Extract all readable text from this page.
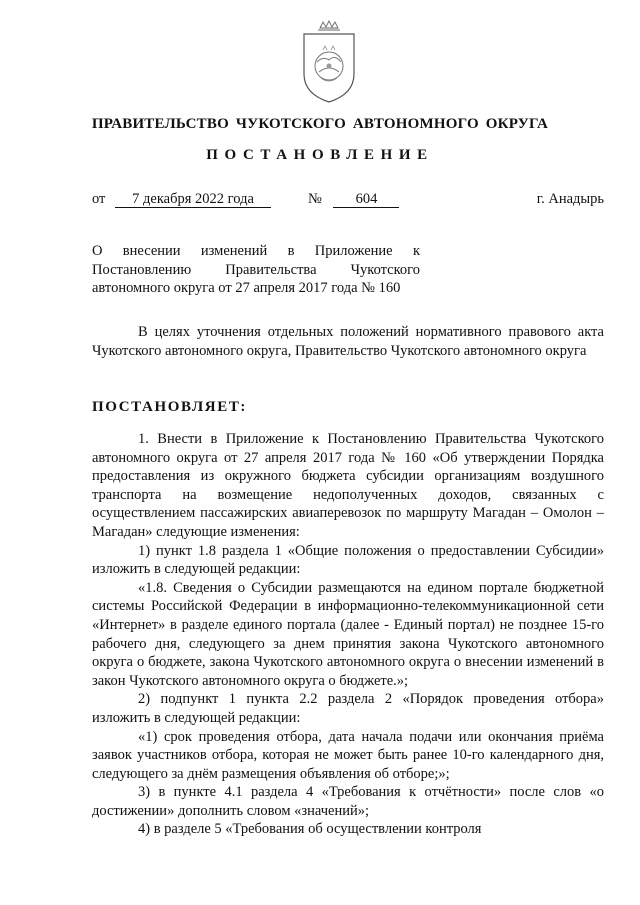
ПРАВИТЕЛЬСТВО ЧУКОТСКОГО АВТОНОМНОГО ОКРУГА
ПОСТАНОВЛЕНИЕ
от 7 декабря 2022 года	№ 604	г. Анадырь
О внесении изменений в Приложение к
Постановлению Правительства Чукотского
автономного округа от 27 апреля 2017 года № 160

В целях уточнения отдельных положений нормативного правового акта Чукотского автономного округа, Правительство Чукотского автономного округа

ПОСТАНОВЛЯЕТ:

1. Внести в Приложение к Постановлению Правительства Чукотского автономного округа от 27 апреля 2017 года № 160 «Об утверждении Порядка предоставления из окружного бюджета субсидии организациям воздушного транспорта на возмещение недополученных доходов, связанных с осуществлением пассажирских авиаперевозок по маршруту Магадан – Омолон – Магадан» следующие изменения:

1) пункт 1.8 раздела 1 «Общие положения о предоставлении Субсидии» изложить в следующей редакции:

«1.8. Сведения о Субсидии размещаются на едином портале бюджетной системы Российской Федерации в информационно-телекоммуникационной сети «Интернет» в разделе единого портала (далее - Единый портал) не позднее 15-го рабочего дня, следующего за днем принятия закона Чукотского автономного округа о бюджете, закона Чукотского автономного округа о внесении изменений в закон Чукотского автономного округа о бюджете.»;

2) подпункт 1 пункта 2.2 раздела 2 «Порядок проведения отбора» изложить в следующей редакции:

«1) срок проведения отбора, дата начала подачи или окончания приёма заявок участников отбора, которая не может быть ранее 10-го календарного дня, следующего за днём размещения объявления об отборе;»;

3) в пункте 4.1 раздела 4 «Требования к отчётности» после слов «о достижении» дополнить словом «значений»;

4) в разделе 5 «Требования об осуществлении контроля
